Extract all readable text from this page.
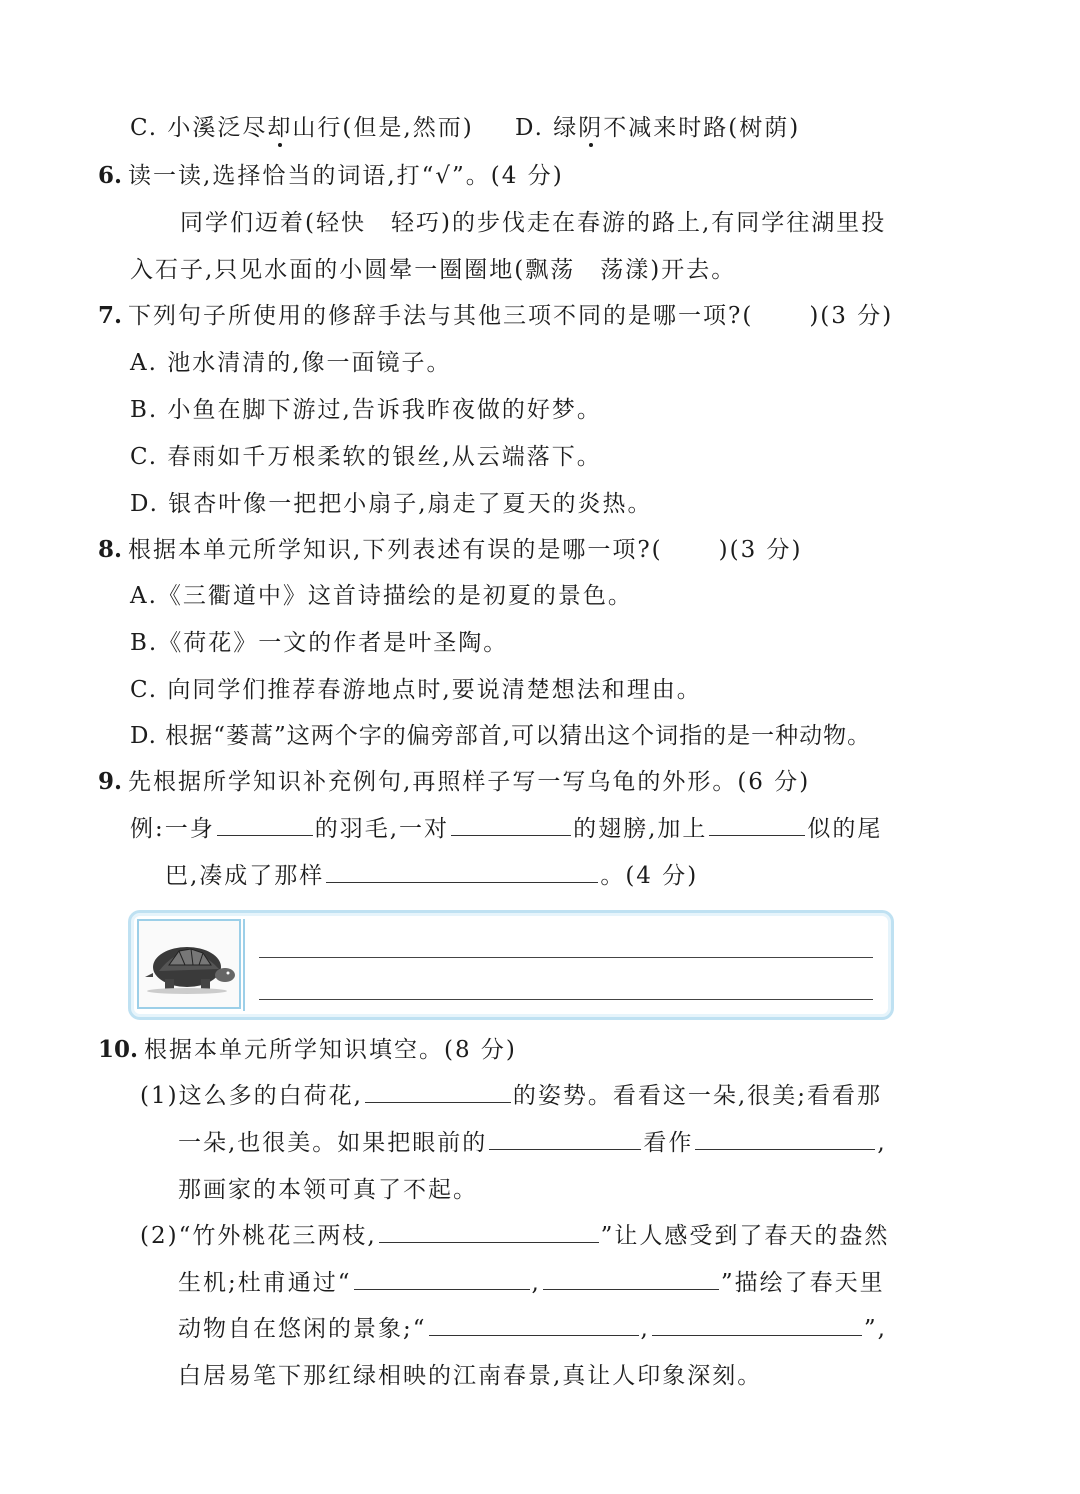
C. 小溪泛尽却山行(但是,然而) D. 绿阴不减来时路(树荫)
6. 读一读,选择恰当的词语,打“√”。(4 分)
同学们迈着(轻快　轻巧)的步伐走在春游的路上,有同学往湖里投
入石子,只见水面的小圆晕一圈圈地(飘荡　荡漾)开去。
7. 下列句子所使用的修辞手法与其他三项不同的是哪一项?( )(3 分)
A. 池水清清的,像一面镜子。
B. 小鱼在脚下游过,告诉我昨夜做的好梦。
C. 春雨如千万根柔软的银丝,从云端落下。
D. 银杏叶像一把把小扇子,扇走了夏天的炎热。
8. 根据本单元所学知识,下列表述有误的是哪一项?( )(3 分)
A.《三衢道中》这首诗描绘的是初夏的景色。
B.《荷花》一文的作者是叶圣陶。
C. 向同学们推荐春游地点时,要说清楚想法和理由。
D. 根据“蒌蒿”这两个字的偏旁部首,可以猜出这个词指的是一种动物。
9. 先根据所学知识补充例句,再照样子写一写乌龟的外形。(6 分)
例:一身	的羽毛,一对	的翅膀,加上	似的尾
巴,凑成了那样	。(4 分)
10. 根据本单元所学知识填空。(8 分)
(1)这么多的白荷花,	的姿势。看看这一朵,很美;看看那
一朵,也很美。如果把眼前的	看作	,
那画家的本领可真了不起。
(2)“竹外桃花三两枝,	”让人感受到了春天的盎然
生机;杜甫通过“	,	”描绘了春天里
动物自在悠闲的景象;“	,	”,
白居易笔下那红绿相映的江南春景,真让人印象深刻。
